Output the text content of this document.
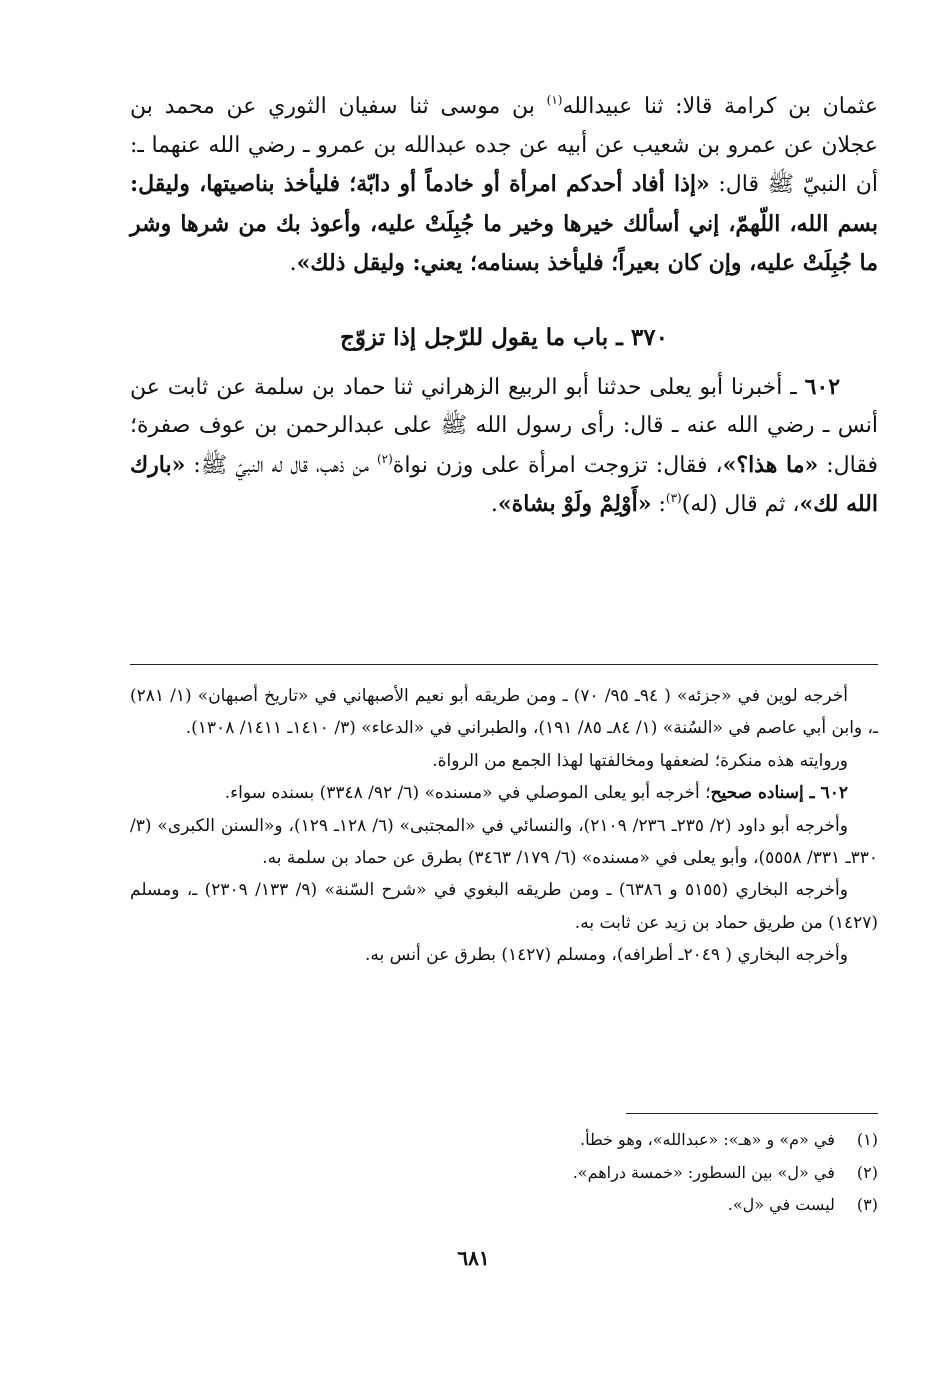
عثمان بن كرامة قالا: ثنا عبيدالله$^{(١)}$ بن موسى ثنا سفيان الثوري عن محمد بن عجلان عن عمرو بن شعيب عن أبيه عن جده عبدالله بن عمرو ـ رضي الله عنهما ـ: أن النبيّ ﷺ قال: «إذا أفاد أحدكم امرأة أو خادماً أو دابّة؛ فليأخذ بناصيتها، وليقل: بسم الله، اللّهمّ، إني أسألك خيرها وخير ما جُبِلَتْ عليه، وأعوذ بك من شرها وشر ما جُبِلَتْ عليه، وإن كان بعيراً؛ فليأخذ بسنامه؛ يعني: وليقل ذلك».

٣٧٠ ـ باب ما يقول للرّجل إذا تزوّج

٦٠٢ ـ أخبرنا أبو يعلى حدثنا أبو الربيع الزهراني ثنا حماد بن سلمة عن ثابت عن أنس ـ رضي الله عنه ـ قال: رأى رسول الله ﷺ على عبدالرحمن بن عوف صفرة؛ فقال: «ما هذا؟»، فقال: تزوجت امرأة على وزن نواة$^{(٢)}$ من ذهب، قال له النبيّ ﷺ: «بارك الله لك»، ثم قال (له)$^{(٣)}$: «أَوْلِمْ ولَوْ بشاة».

أخرجه لوين في «جزئه» ( ٩٤ـ ٩٥/ ٧٠) ـ ومن طريقه أبو نعيم الأصبهاني في «تاريخ أصبهان» (١/ ٢٨١) ـ، وابن أبي عاصم في «السُنة» (١/ ٨٤ـ ٨٥/ ١٩١)، والطبراني في «الدعاء» (٣/ ١٤١٠ـ ١٤١١/ ١٣٠٨).

وروايته هذه منكرة؛ لضعفها ومخالفتها لهذا الجمع من الرواة.

٦٠٢ ـ إسناده صحيح؛ أخرجه أبو يعلى الموصلي في «مسنده» (٦/ ٩٢/ ٣٣٤٨) بسنده سواء.

وأخرجه أبو داود (٢/ ٢٣٥ـ ٢٣٦/ ٢١٠٩)، والنسائي في «المجتبى» (٦/ ١٢٨ـ ١٢٩)، و«السنن الكبرى» (٣/ ٣٣٠ـ ٣٣١/ ٥٥٥٨)، وأبو يعلى في «مسنده» (٦/ ١٧٩/ ٣٤٦٣) بطرق عن حماد بن سلمة به.

وأخرجه البخاري (٥١٥٥ و ٦٣٨٦) ـ ومن طريقه البغوي في «شرح السّنة» (٩/ ١٣٣/ ٢٣٠٩) ـ، ومسلم (١٤٢٧) من طريق حماد بن زيد عن ثابت به.

وأخرجه البخاري ( ٢٠٤٩ـ أطرافه)، ومسلم (١٤٢٧) بطرق عن أنس به.

(١) في «م» و «هـ»: «عبدالله»، وهو خطأ.

(٢) في «ل» بين السطور: «خمسة دراهم».

(٣) ليست في «ل».

٦٨١
